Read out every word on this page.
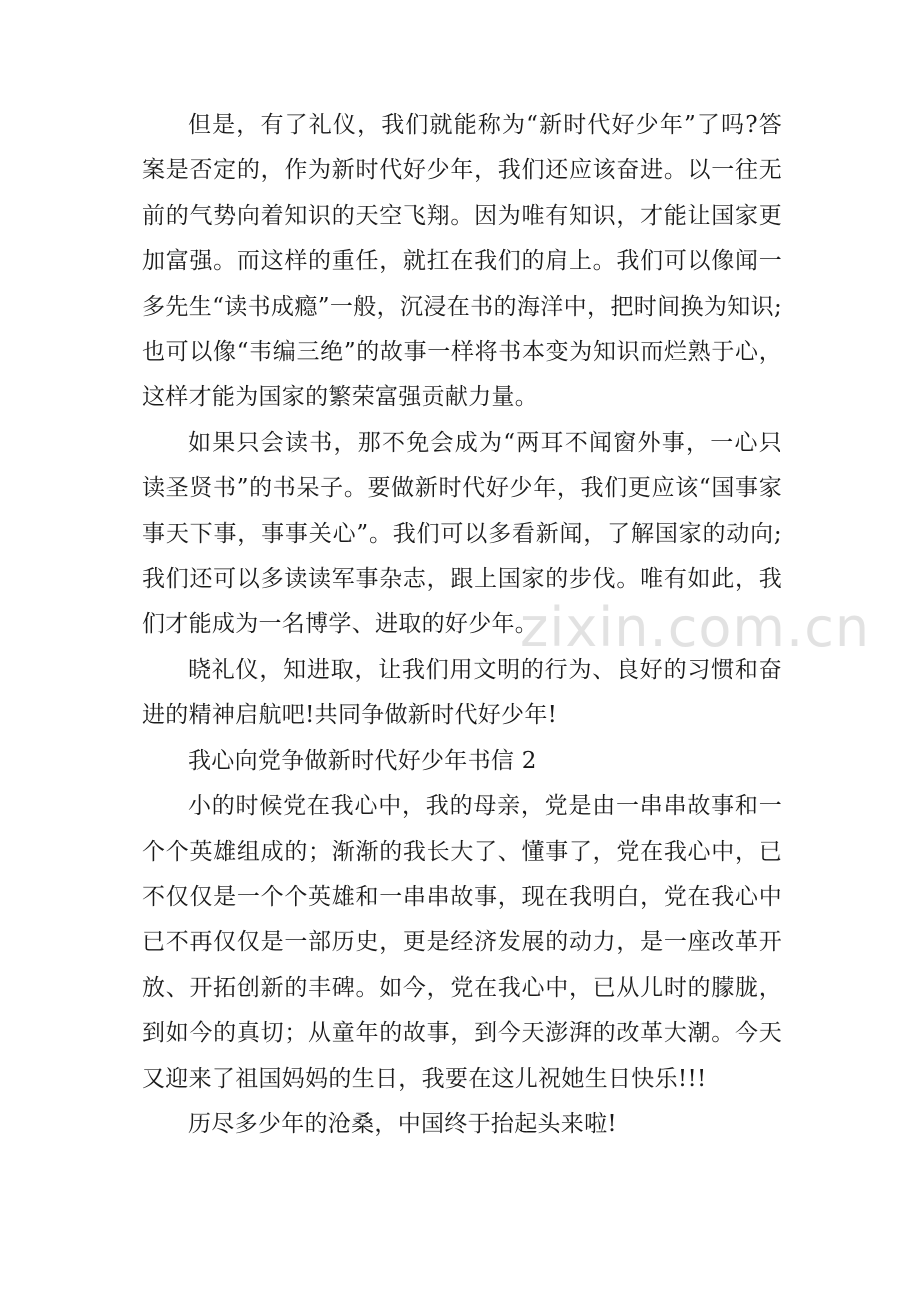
但是，有了礼仪，我们就能称为“新时代好少年”了吗?答案是否定的，作为新时代好少年，我们还应该奋进。以一往无前的气势向着知识的天空飞翔。因为唯有知识，才能让国家更加富强。而这样的重任，就扛在我们的肩上。我们可以像闻一多先生“读书成瘾”一般，沉浸在书的海洋中，把时间换为知识;也可以像“韦编三绝”的故事一样将书本变为知识而烂熟于心，这样才能为国家的繁荣富强贡献力量。

如果只会读书，那不免会成为“两耳不闻窗外事，一心只读圣贤书”的书呆子。要做新时代好少年，我们更应该“国事家事天下事，事事关心”。我们可以多看新闻，了解国家的动向;我们还可以多读读军事杂志，跟上国家的步伐。唯有如此，我们才能成为一名博学、进取的好少年。

晓礼仪，知进取，让我们用文明的行为、良好的习惯和奋进的精神启航吧!共同争做新时代好少年!

我心向党争做新时代好少年书信 2

小的时候党在我心中，我的母亲，党是由一串串故事和一个个英雄组成的；渐渐的我长大了、懂事了，党在我心中，已不仅仅是一个个英雄和一串串故事，现在我明白，党在我心中已不再仅仅是一部历史，更是经济发展的动力，是一座改革开放、开拓创新的丰碑。如今，党在我心中，已从儿时的朦胧，到如今的真切；从童年的故事，到今天澎湃的改革大潮。今天又迎来了祖国妈妈的生日，我要在这儿祝她生日快乐!!!

历尽多少年的沧桑，中国终于抬起头来啦!

zixin.com.cn
